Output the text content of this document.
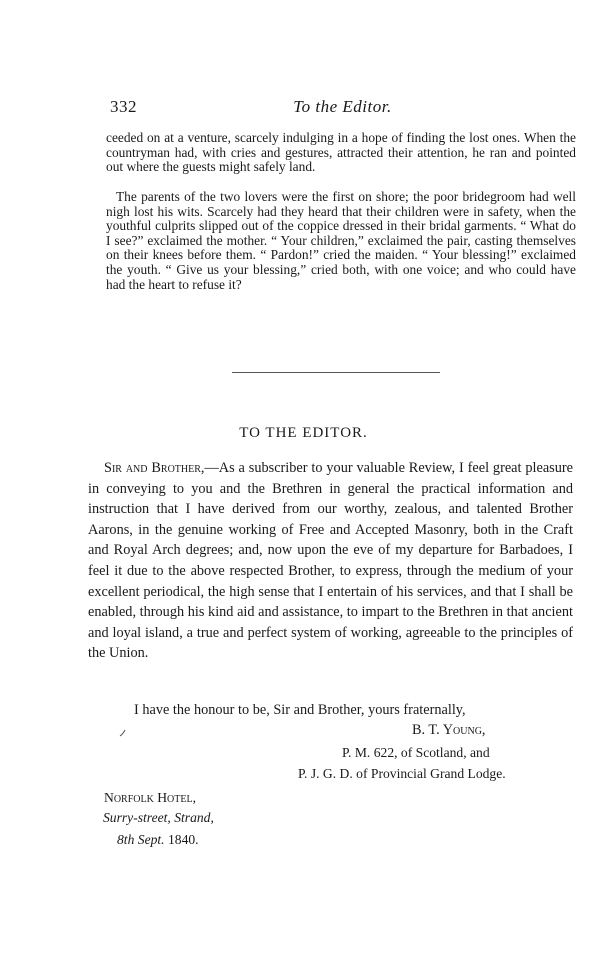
332	To the Editor.

ceeded on at a venture, scarcely indulging in a hope of finding the lost ones. When the countryman had, with cries and gestures, attracted their attention, he ran and pointed out where the guests might safely land.

The parents of the two lovers were the first on shore; the poor bridegroom had well nigh lost his wits. Scarcely had they heard that their children were in safety, when the youthful culprits slipped out of the coppice dressed in their bridal garments. “ What do I see?” exclaimed the mother. “ Your children,” exclaimed the pair, casting themselves on their knees before them. “ Pardon!” cried the maiden. “ Your blessing!” exclaimed the youth. “ Give us your blessing,” cried both, with one voice; and who could have had the heart to refuse it?

TO THE EDITOR.

Sir and Brother,—As a subscriber to your valuable Review, I feel great pleasure in conveying to you and the Brethren in general the practical information and instruction that I have derived from our worthy, zealous, and talented Brother Aarons, in the genuine working of Free and Accepted Masonry, both in the Craft and Royal Arch degrees; and, now upon the eve of my departure for Barbadoes, I feel it due to the above respected Brother, to express, through the medium of your excellent periodical, the high sense that I entertain of his services, and that I shall be enabled, through his kind aid and assistance, to impart to the Brethren in that ancient and loyal island, a true and perfect system of working, agreeable to the principles of the Union.

I have the honour to be, Sir and Brother, yours fraternally,
B. T. Young,
P. M. 622, of Scotland, and
P. J. G. D. of Provincial Grand Lodge.
Norfolk Hotel,
Surry-street, Strand,
8th Sept. 1840.
